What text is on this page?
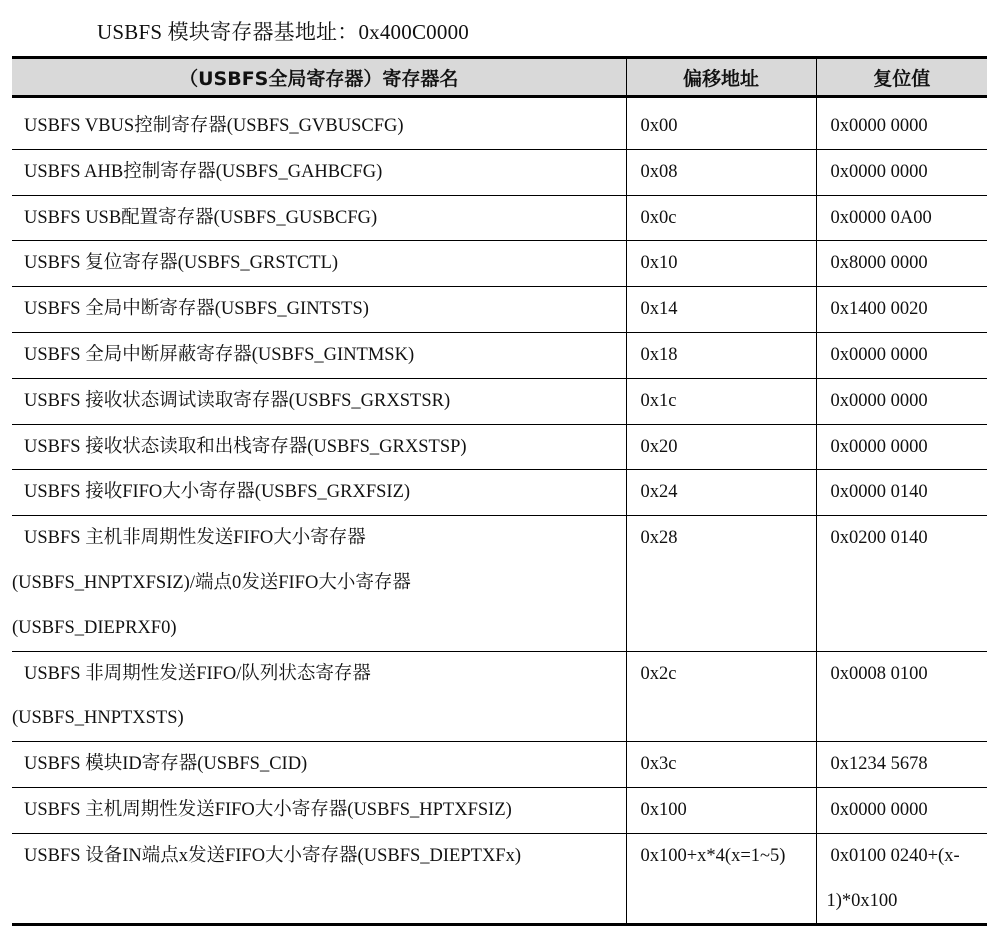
USBFS 模块寄存器基地址：0x400C0000
（USBFS全局寄存器）寄存器名	偏移地址	复位值
USBFS VBUS控制寄存器(USBFS_GVBUSCFG)	0x00	0x0000 0000

USBFS AHB控制寄存器(USBFS_GAHBCFG)	0x08	0x0000 0000

USBFS USB配置寄存器(USBFS_GUSBCFG)	0x0c	0x0000 0A00

USBFS 复位寄存器(USBFS_GRSTCTL)	0x10	0x8000 0000

USBFS 全局中断寄存器(USBFS_GINTSTS)	0x14	0x1400 0020

USBFS 全局中断屏蔽寄存器(USBFS_GINTMSK)	0x18	0x0000 0000

USBFS 接收状态调试读取寄存器(USBFS_GRXSTSR)	0x1c	0x0000 0000

USBFS 接收状态读取和出栈寄存器(USBFS_GRXSTSP)	0x20	0x0000 0000

USBFS 接收FIFO大小寄存器(USBFS_GRXFSIZ)	0x24	0x0000 0140

USBFS 主机非周期性发送FIFO大小寄存器
(USBFS_HNPTXFSIZ)/端点0发送FIFO大小寄存器
(USBFS_DIEPRXF0)	0x28	0x0200 0140

USBFS 非周期性发送FIFO/队列状态寄存器
(USBFS_HNPTXSTS)	0x2c	0x0008 0100

USBFS 模块ID寄存器(USBFS_CID)	0x3c	0x1234 5678

USBFS 主机周期性发送FIFO大小寄存器(USBFS_HPTXFSIZ)	0x100	0x0000 0000

USBFS 设备IN端点x发送FIFO大小寄存器(USBFS_DIEPTXFx)	0x100+x*4(x=1~5)	0x0100 0240+(x-
1)*0x100
